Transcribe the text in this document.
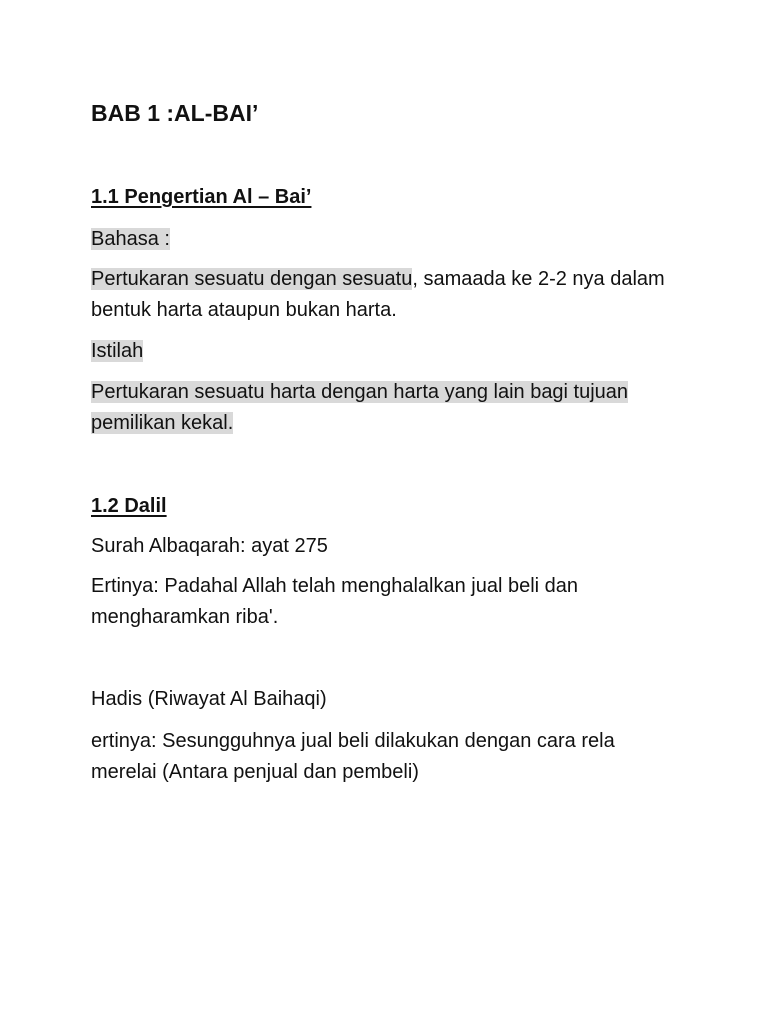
BAB 1 :AL-BAI’
1.1 Pengertian Al – Bai’
Bahasa :
Pertukaran sesuatu dengan sesuatu, samaada ke 2-2 nya dalam
bentuk harta ataupun bukan harta.
Istilah
Pertukaran sesuatu harta dengan harta yang lain bagi tujuan
pemilikan kekal.
1.2 Dalil
Surah Albaqarah: ayat 275
Ertinya: Padahal Allah telah menghalalkan jual beli dan
mengharamkan riba'.
Hadis (Riwayat Al Baihaqi)
ertinya: Sesungguhnya jual beli dilakukan dengan cara rela
merelai (Antara penjual dan pembeli)
